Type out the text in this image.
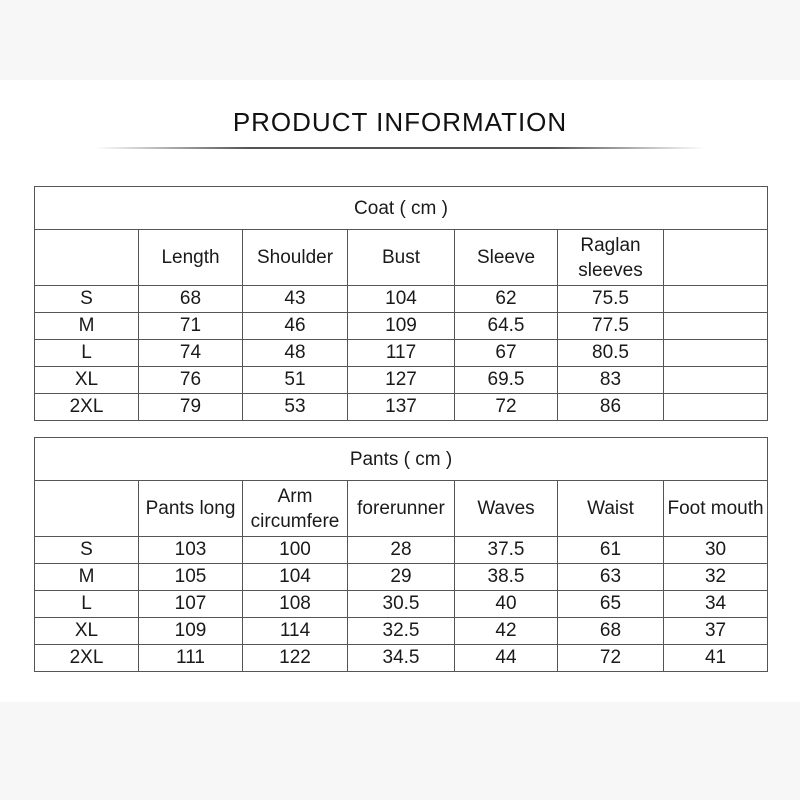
PRODUCT INFORMATION
Coat ( cm )						
	Length	Shoulder	Bust	Sleeve	Raglan sleeves	
S	68	43	104	62	75.5	
M	71	46	109	64.5	77.5	
L	74	48	117	67	80.5	
XL	76	51	127	69.5	83	
2XL	79	53	137	72	86	
Pants ( cm )						
	Pants long	Arm circumfere	forerunner	Waves	Waist	Foot mouth
S	103	100	28	37.5	61	30
M	105	104	29	38.5	63	32
L	107	108	30.5	40	65	34
XL	109	114	32.5	42	68	37
2XL	111	122	34.5	44	72	41
